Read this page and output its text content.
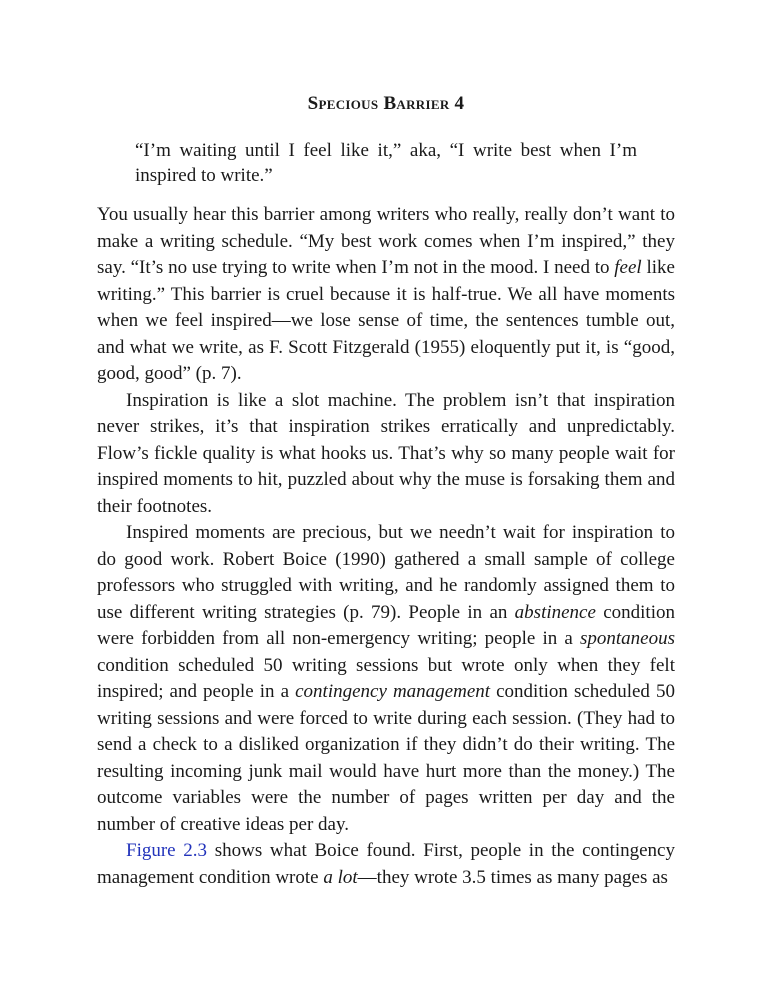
Specious Barrier 4

“I’m waiting until I feel like it,” aka, “I write best when I’m inspired to write.”

You usually hear this barrier among writers who really, really don’t want to make a writing schedule. “My best work comes when I’m inspired,” they say. “It’s no use trying to write when I’m not in the mood. I need to feel like writing.” This barrier is cruel because it is half-true. We all have moments when we feel inspired—we lose sense of time, the sentences tumble out, and what we write, as F. Scott Fitzgerald (1955) eloquently put it, is “good, good, good” (p. 7).

Inspiration is like a slot machine. The problem isn’t that inspiration never strikes, it’s that inspiration strikes erratically and unpredictably. Flow’s fickle quality is what hooks us. That’s why so many people wait for inspired moments to hit, puzzled about why the muse is forsaking them and their footnotes.

Inspired moments are precious, but we needn’t wait for inspiration to do good work. Robert Boice (1990) gathered a small sample of college professors who struggled with writing, and he randomly assigned them to use different writing strategies (p. 79). People in an abstinence condition were forbidden from all non-emergency writing; people in a spontaneous condition scheduled 50 writing sessions but wrote only when they felt inspired; and people in a contingency management condition scheduled 50 writing sessions and were forced to write during each session. (They had to send a check to a disliked organization if they didn’t do their writing. The resulting incoming junk mail would have hurt more than the money.) The outcome variables were the number of pages written per day and the number of creative ideas per day.

Figure 2.3 shows what Boice found. First, people in the contingency management condition wrote a lot—they wrote 3.5 times as many pages as
